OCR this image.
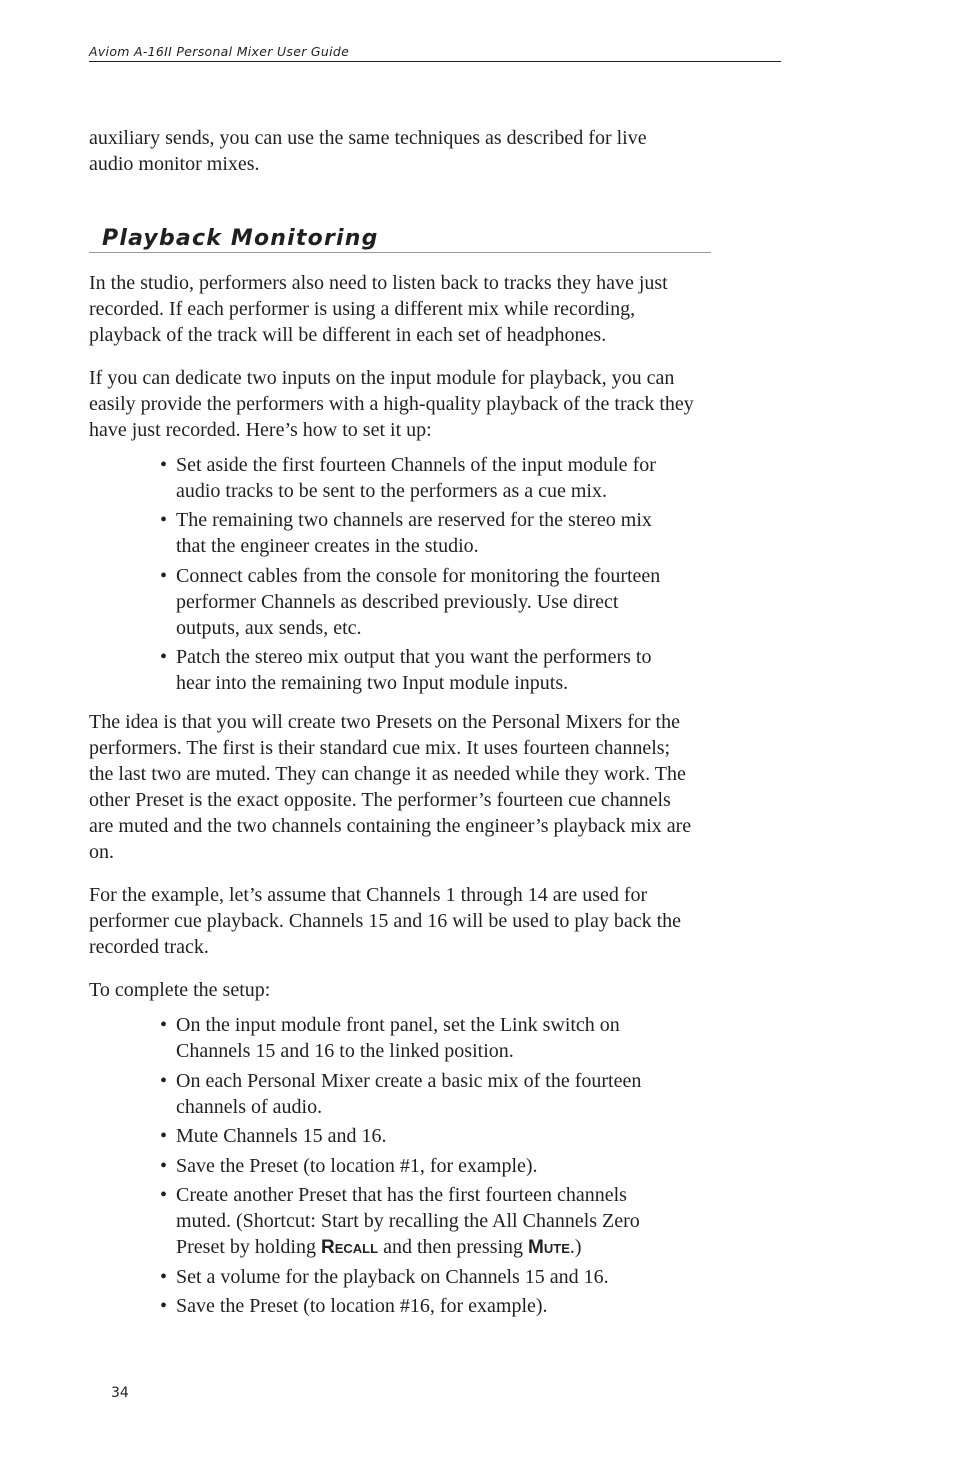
Aviom A-16II Personal Mixer User Guide
auxiliary sends, you can use the same techniques as described for live
audio monitor mixes.
Playback Monitoring
In the studio, performers also need to listen back to tracks they have just
recorded. If each performer is using a different mix while recording,
playback of the track will be different in each set of headphones.
If you can dedicate two inputs on the input module for playback, you can
easily provide the performers with a high-quality playback of the track they
have just recorded. Here’s how to set it up:
• Set aside the first fourteen Channels of the input module for
audio tracks to be sent to the performers as a cue mix.
• The remaining two channels are reserved for the stereo mix
that the engineer creates in the studio.
• Connect cables from the console for monitoring the fourteen
performer Channels as described previously. Use direct
outputs, aux sends, etc.
• Patch the stereo mix output that you want the performers to
hear into the remaining two Input module inputs.
The idea is that you will create two Presets on the Personal Mixers for the
performers. The first is their standard cue mix. It uses fourteen channels;
the last two are muted. They can change it as needed while they work. The
other Preset is the exact opposite. The performer’s fourteen cue channels
are muted and the two channels containing the engineer’s playback mix are
on.
For the example, let’s assume that Channels 1 through 14 are used for
performer cue playback. Channels 15 and 16 will be used to play back the
recorded track.
To complete the setup:
• On the input module front panel, set the Link switch on
Channels 15 and 16 to the linked position.
• On each Personal Mixer create a basic mix of the fourteen
channels of audio.
• Mute Channels 15 and 16.
• Save the Preset (to location #1, for example).
• Create another Preset that has the first fourteen channels
muted. (Shortcut: Start by recalling the All Channels Zero
Preset by holding Recall and then pressing Mute.)
• Set a volume for the playback on Channels 15 and 16.
• Save the Preset (to location #16, for example).
34
